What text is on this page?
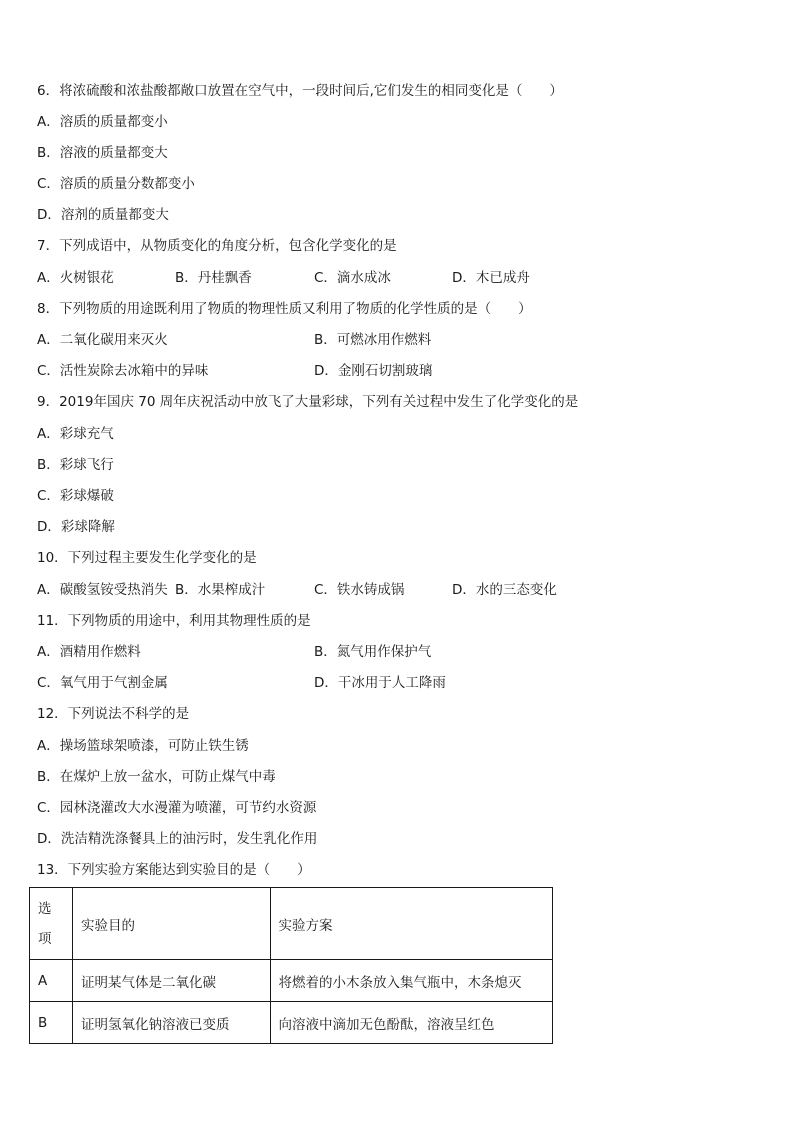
6．将浓硫酸和浓盐酸都敞口放置在空气中，一段时间后,它们发生的相同变化是（　　）
A．溶质的质量都变小
B．溶液的质量都变大
C．溶质的质量分数都变小
D．溶剂的质量都变大
7．下列成语中，从物质变化的角度分析，包含化学变化的是
A．火树银花	B．丹桂飘香	C．滴水成冰	D．木已成舟
8．下列物质的用途既利用了物质的物理性质又利用了物质的化学性质的是（　　）
A．二氧化碳用来灭火	B．可燃冰用作燃料
C．活性炭除去冰箱中的异味	D．金刚石切割玻璃
9．2019年国庆 70 周年庆祝活动中放飞了大量彩球，下列有关过程中发生了化学变化的是
A．彩球充气
B．彩球飞行
C．彩球爆破
D．彩球降解
10．下列过程主要发生化学变化的是
A．碳酸氢铵受热消失 B．水果榨成汁	C．铁水铸成锅	D．水的三态变化
11．下列物质的用途中，利用其物理性质的是
A．酒精用作燃料	B．氮气用作保护气
C．氧气用于气割金属	D．干冰用于人工降雨
12．下列说法不科学的是
A．操场篮球架喷漆，可防止铁生锈
B．在煤炉上放一盆水，可防止煤气中毒
C．园林浇灌改大水漫灌为喷灌，可节约水资源
D．洗洁精洗涤餐具上的油污时，发生乳化作用
13．下列实验方案能达到实验目的是（　　）
选
项	实验目的	实验方案
A	证明某气体是二氧化碳	将燃着的小木条放入集气瓶中，木条熄灭
B	证明氢氧化钠溶液已变质	向溶液中滴加无色酚酞，溶液呈红色
